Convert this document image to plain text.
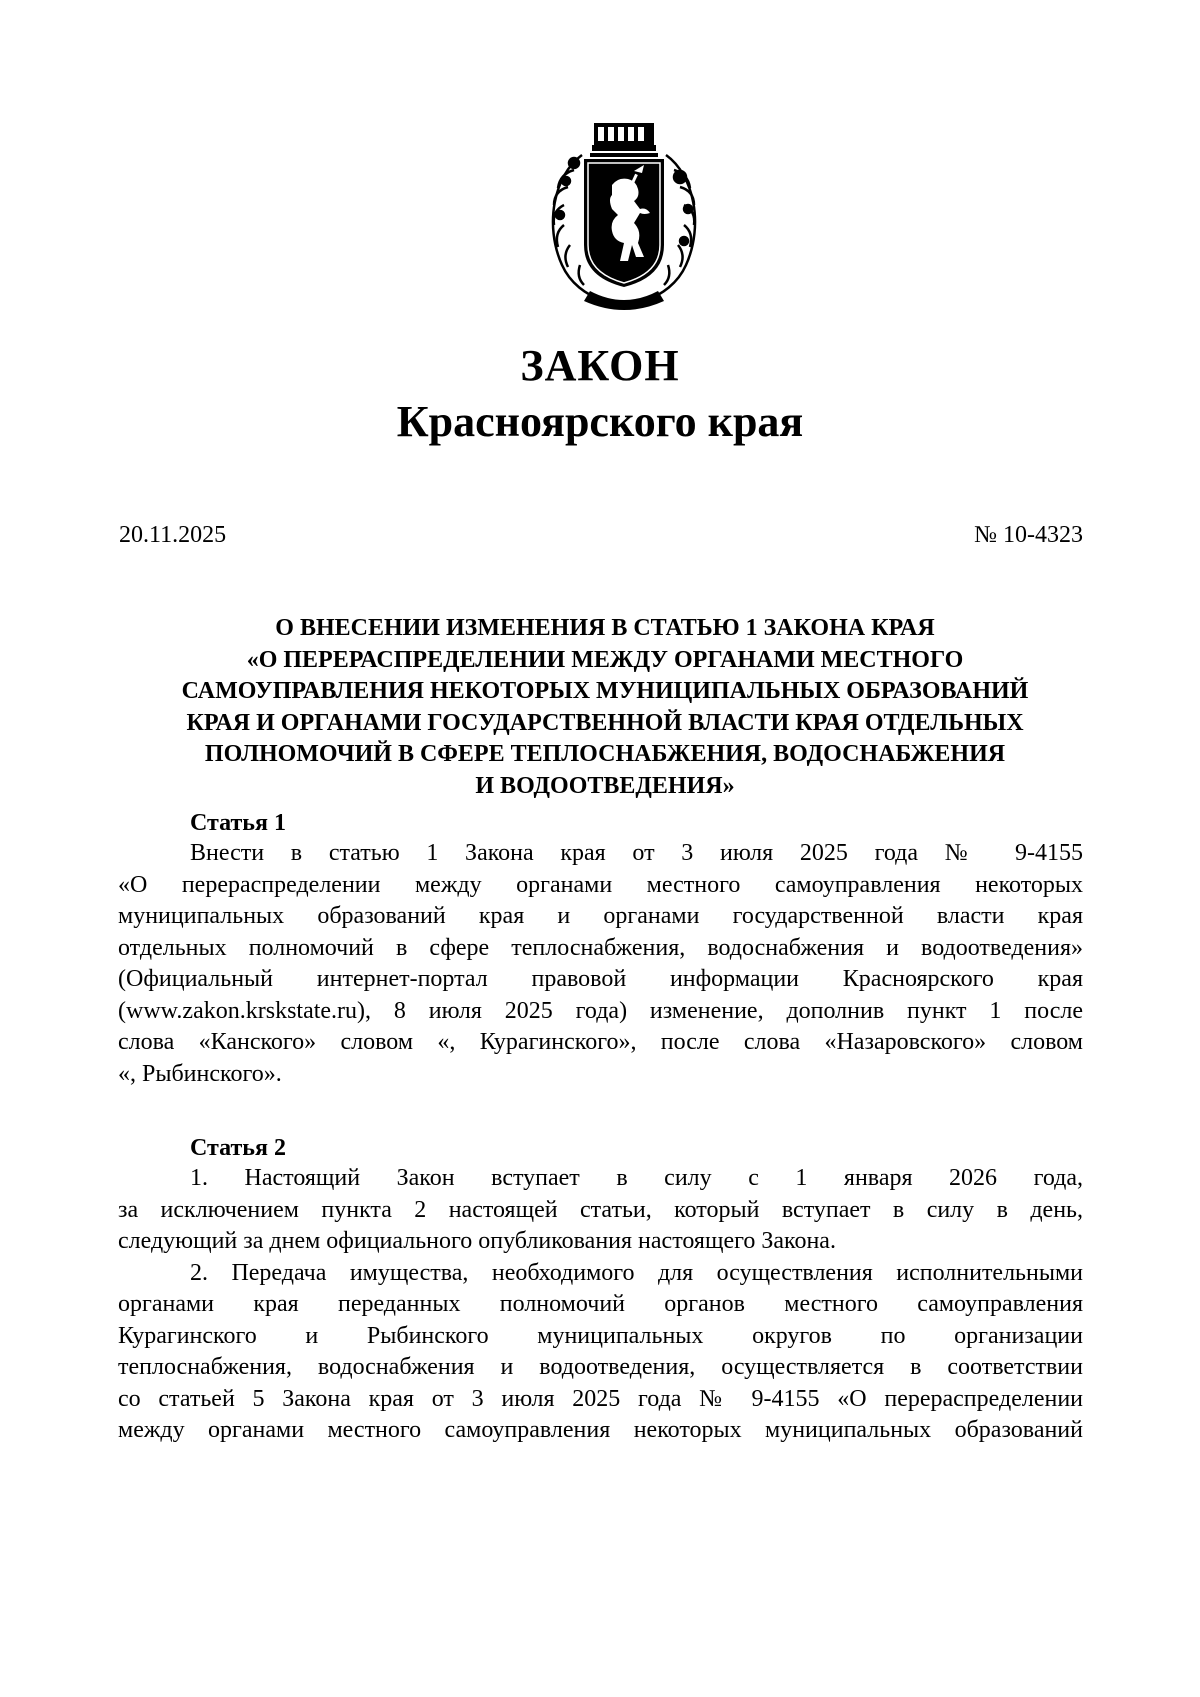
ЗАКОН
Красноярского края
20.11.2025	№ 10-4323
О ВНЕСЕНИИ ИЗМЕНЕНИЯ В СТАТЬЮ 1 ЗАКОНА КРАЯ
«О ПЕРЕРАСПРЕДЕЛЕНИИ МЕЖДУ ОРГАНАМИ МЕСТНОГО
САМОУПРАВЛЕНИЯ НЕКОТОРЫХ МУНИЦИПАЛЬНЫХ ОБРАЗОВАНИЙ
КРАЯ И ОРГАНАМИ ГОСУДАРСТВЕННОЙ ВЛАСТИ КРАЯ ОТДЕЛЬНЫХ
ПОЛНОМОЧИЙ В СФЕРЕ ТЕПЛОСНАБЖЕНИЯ, ВОДОСНАБЖЕНИЯ
И ВОДООТВЕДЕНИЯ»
Статья 1
Внести в статью 1 Закона края от 3 июля 2025 года № 9-4155
«О перераспределении между органами местного самоуправления некоторых
муниципальных образований края и органами государственной власти края
отдельных полномочий в сфере теплоснабжения, водоснабжения и водоотведения»
(Официальный интернет-портал правовой информации Красноярского края
(www.zakon.krskstate.ru), 8 июля 2025 года) изменение, дополнив пункт 1 после
слова «Канского» словом «, Курагинского», после слова «Назаровского» словом
«, Рыбинского».
Статья 2
1. Настоящий Закон вступает в силу с 1 января 2026 года,
за исключением пункта 2 настоящей статьи, который вступает в силу в день,
следующий за днем официального опубликования настоящего Закона.
2. Передача имущества, необходимого для осуществления исполнительными
органами края переданных полномочий органов местного самоуправления
Курагинского и Рыбинского муниципальных округов по организации
теплоснабжения, водоснабжения и водоотведения, осуществляется в соответствии
со статьей 5 Закона края от 3 июля 2025 года № 9-4155 «О перераспределении
между органами местного самоуправления некоторых муниципальных образований
